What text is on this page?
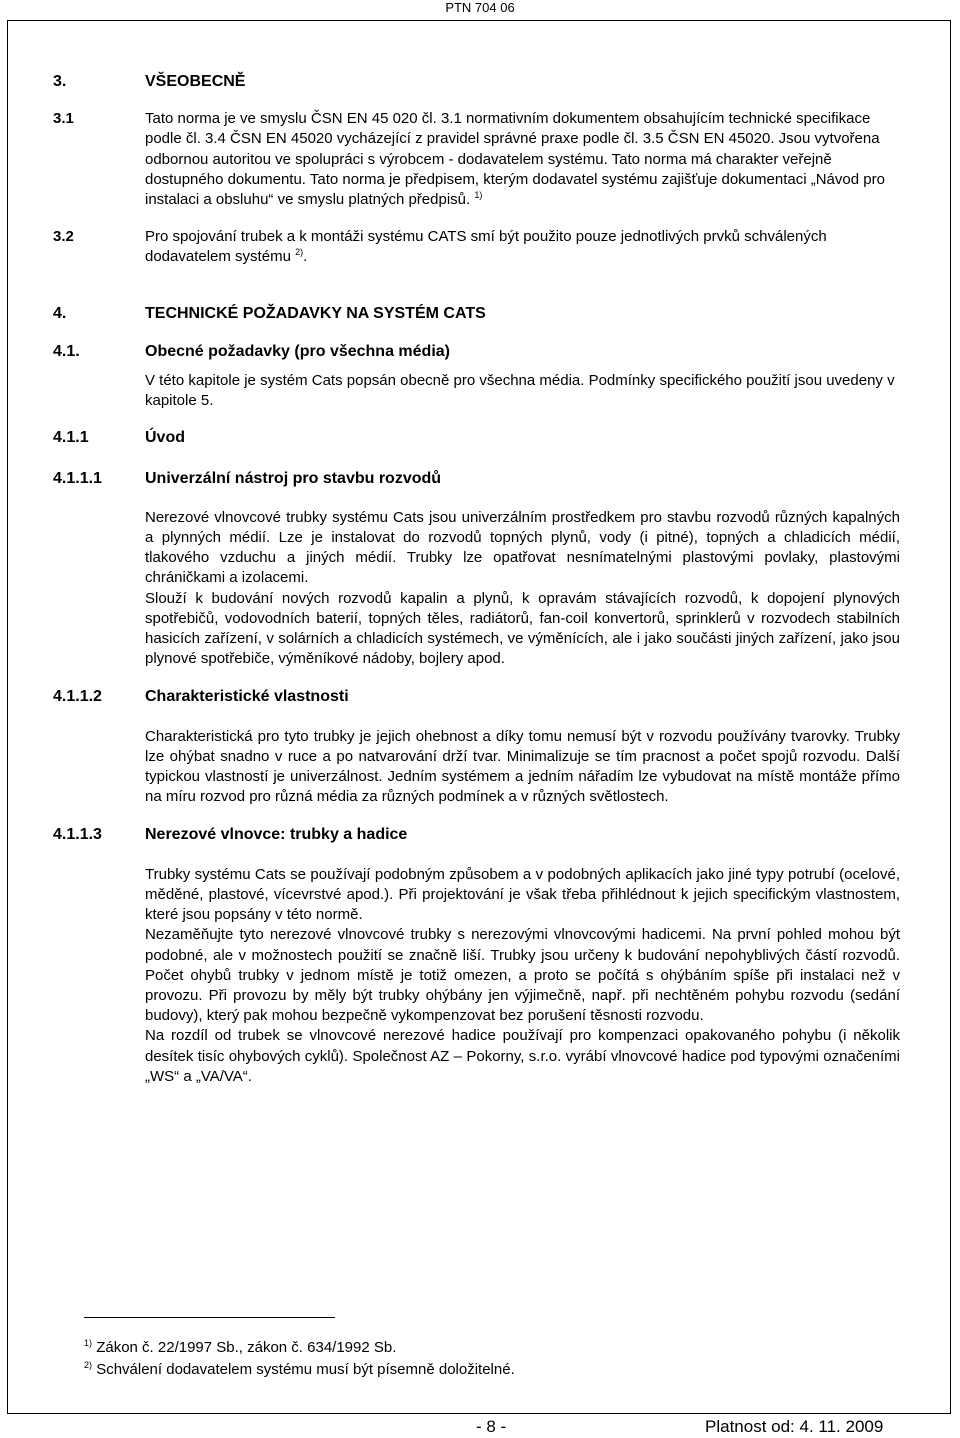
PTN 704 06
3.	VŠEOBECNĚ
3.1	Tato norma je ve smyslu ČSN EN 45 020 čl. 3.1 normativním dokumentem obsahujícím technické specifikace podle čl. 3.4 ČSN EN 45020 vycházející z pravidel správné praxe podle čl. 3.5 ČSN EN 45020. Jsou vytvořena odbornou autoritou ve spolupráci s výrobcem - dodavatelem systému. Tato norma má charakter veřejně dostupného dokumentu. Tato norma je předpisem, kterým dodavatel systému zajišťuje dokumentaci „Návod pro instalaci a obsluhu“ ve smyslu platných předpisů. $^{1)}$
3.2	Pro spojování trubek a k montáži systému CATS smí být použito pouze jednotlivých prvků schválených dodavatelem systému $^{2)}$.
4.	TECHNICKÉ POŽADAVKY NA SYSTÉM CATS
4.1.	Obecné požadavky (pro všechna média)
V této kapitole je systém Cats popsán obecně pro všechna média. Podmínky specifického použití jsou uvedeny v kapitole 5.
4.1.1	Úvod
4.1.1.1	Univerzální nástroj pro stavbu rozvodů
Nerezové vlnovcové trubky systému Cats jsou univerzálním prostředkem pro stavbu rozvodů různých kapalných a plynných médií. Lze je instalovat do rozvodů topných plynů, vody (i pitné), topných a chladicích médií, tlakového vzduchu a jiných médií. Trubky lze opatřovat nesnímatelnými plastovými povlaky, plastovými chráničkami a izolacemi.
Slouží k budování nových rozvodů kapalin a plynů, k opravám stávajících rozvodů, k dopojení plynových spotřebičů, vodovodních baterií, topných těles, radiátorů, fan-coil konvertorů, sprinklerů v rozvodech stabilních hasicích zařízení, v solárních a chladicích systémech, ve výměnících, ale i jako součásti jiných zařízení, jako jsou plynové spotřebiče, výměníkové nádoby, bojlery apod.
4.1.1.2	Charakteristické vlastnosti
Charakteristická pro tyto trubky je jejich ohebnost a díky tomu nemusí být v rozvodu používány tvarovky. Trubky lze ohýbat snadno v ruce a po natvarování drží tvar. Minimalizuje se tím pracnost a počet spojů rozvodu. Další typickou vlastností je univerzálnost. Jedním systémem a jedním nářadím lze vybudovat na místě montáže přímo na míru rozvod pro různá média za různých podmínek a v různých světlostech.
4.1.1.3	Nerezové vlnovce: trubky a hadice
Trubky systému Cats se používají podobným způsobem a v podobných aplikacích jako jiné typy potrubí (ocelové, měděné, plastové, vícevrstvé apod.). Při projektování je však třeba přihlédnout k jejich specifickým vlastnostem, které jsou popsány v této normě.
Nezaměňujte tyto nerezové vlnovcové trubky s nerezovými vlnovcovými hadicemi. Na první pohled mohou být podobné, ale v možnostech použití se značně liší. Trubky jsou určeny k budování nepohyblivých částí rozvodů. Počet ohybů trubky v jednom místě je totiž omezen, a proto se počítá s ohýbáním spíše při instalaci než v provozu. Při provozu by měly být trubky ohýbány jen výjimečně, např. při nechtěném pohybu rozvodu (sedání budovy), který pak mohou bezpečně vykompenzovat bez porušení těsnosti rozvodu.
Na rozdíl od trubek se vlnovcové nerezové hadice používají pro kompenzaci opakovaného pohybu (i několik desítek tisíc ohybových cyklů). Společnost AZ – Pokorny, s.r.o. vyrábí vlnovcové hadice pod typovými označeními „WS“ a „VA/VA“.
$^{1)}$ Zákon č. 22/1997 Sb., zákon č. 634/1992 Sb.
$^{2)}$ Schválení dodavatelem systému musí být písemně doložitelné.
- 8 -	Platnost od: 4. 11. 2009
